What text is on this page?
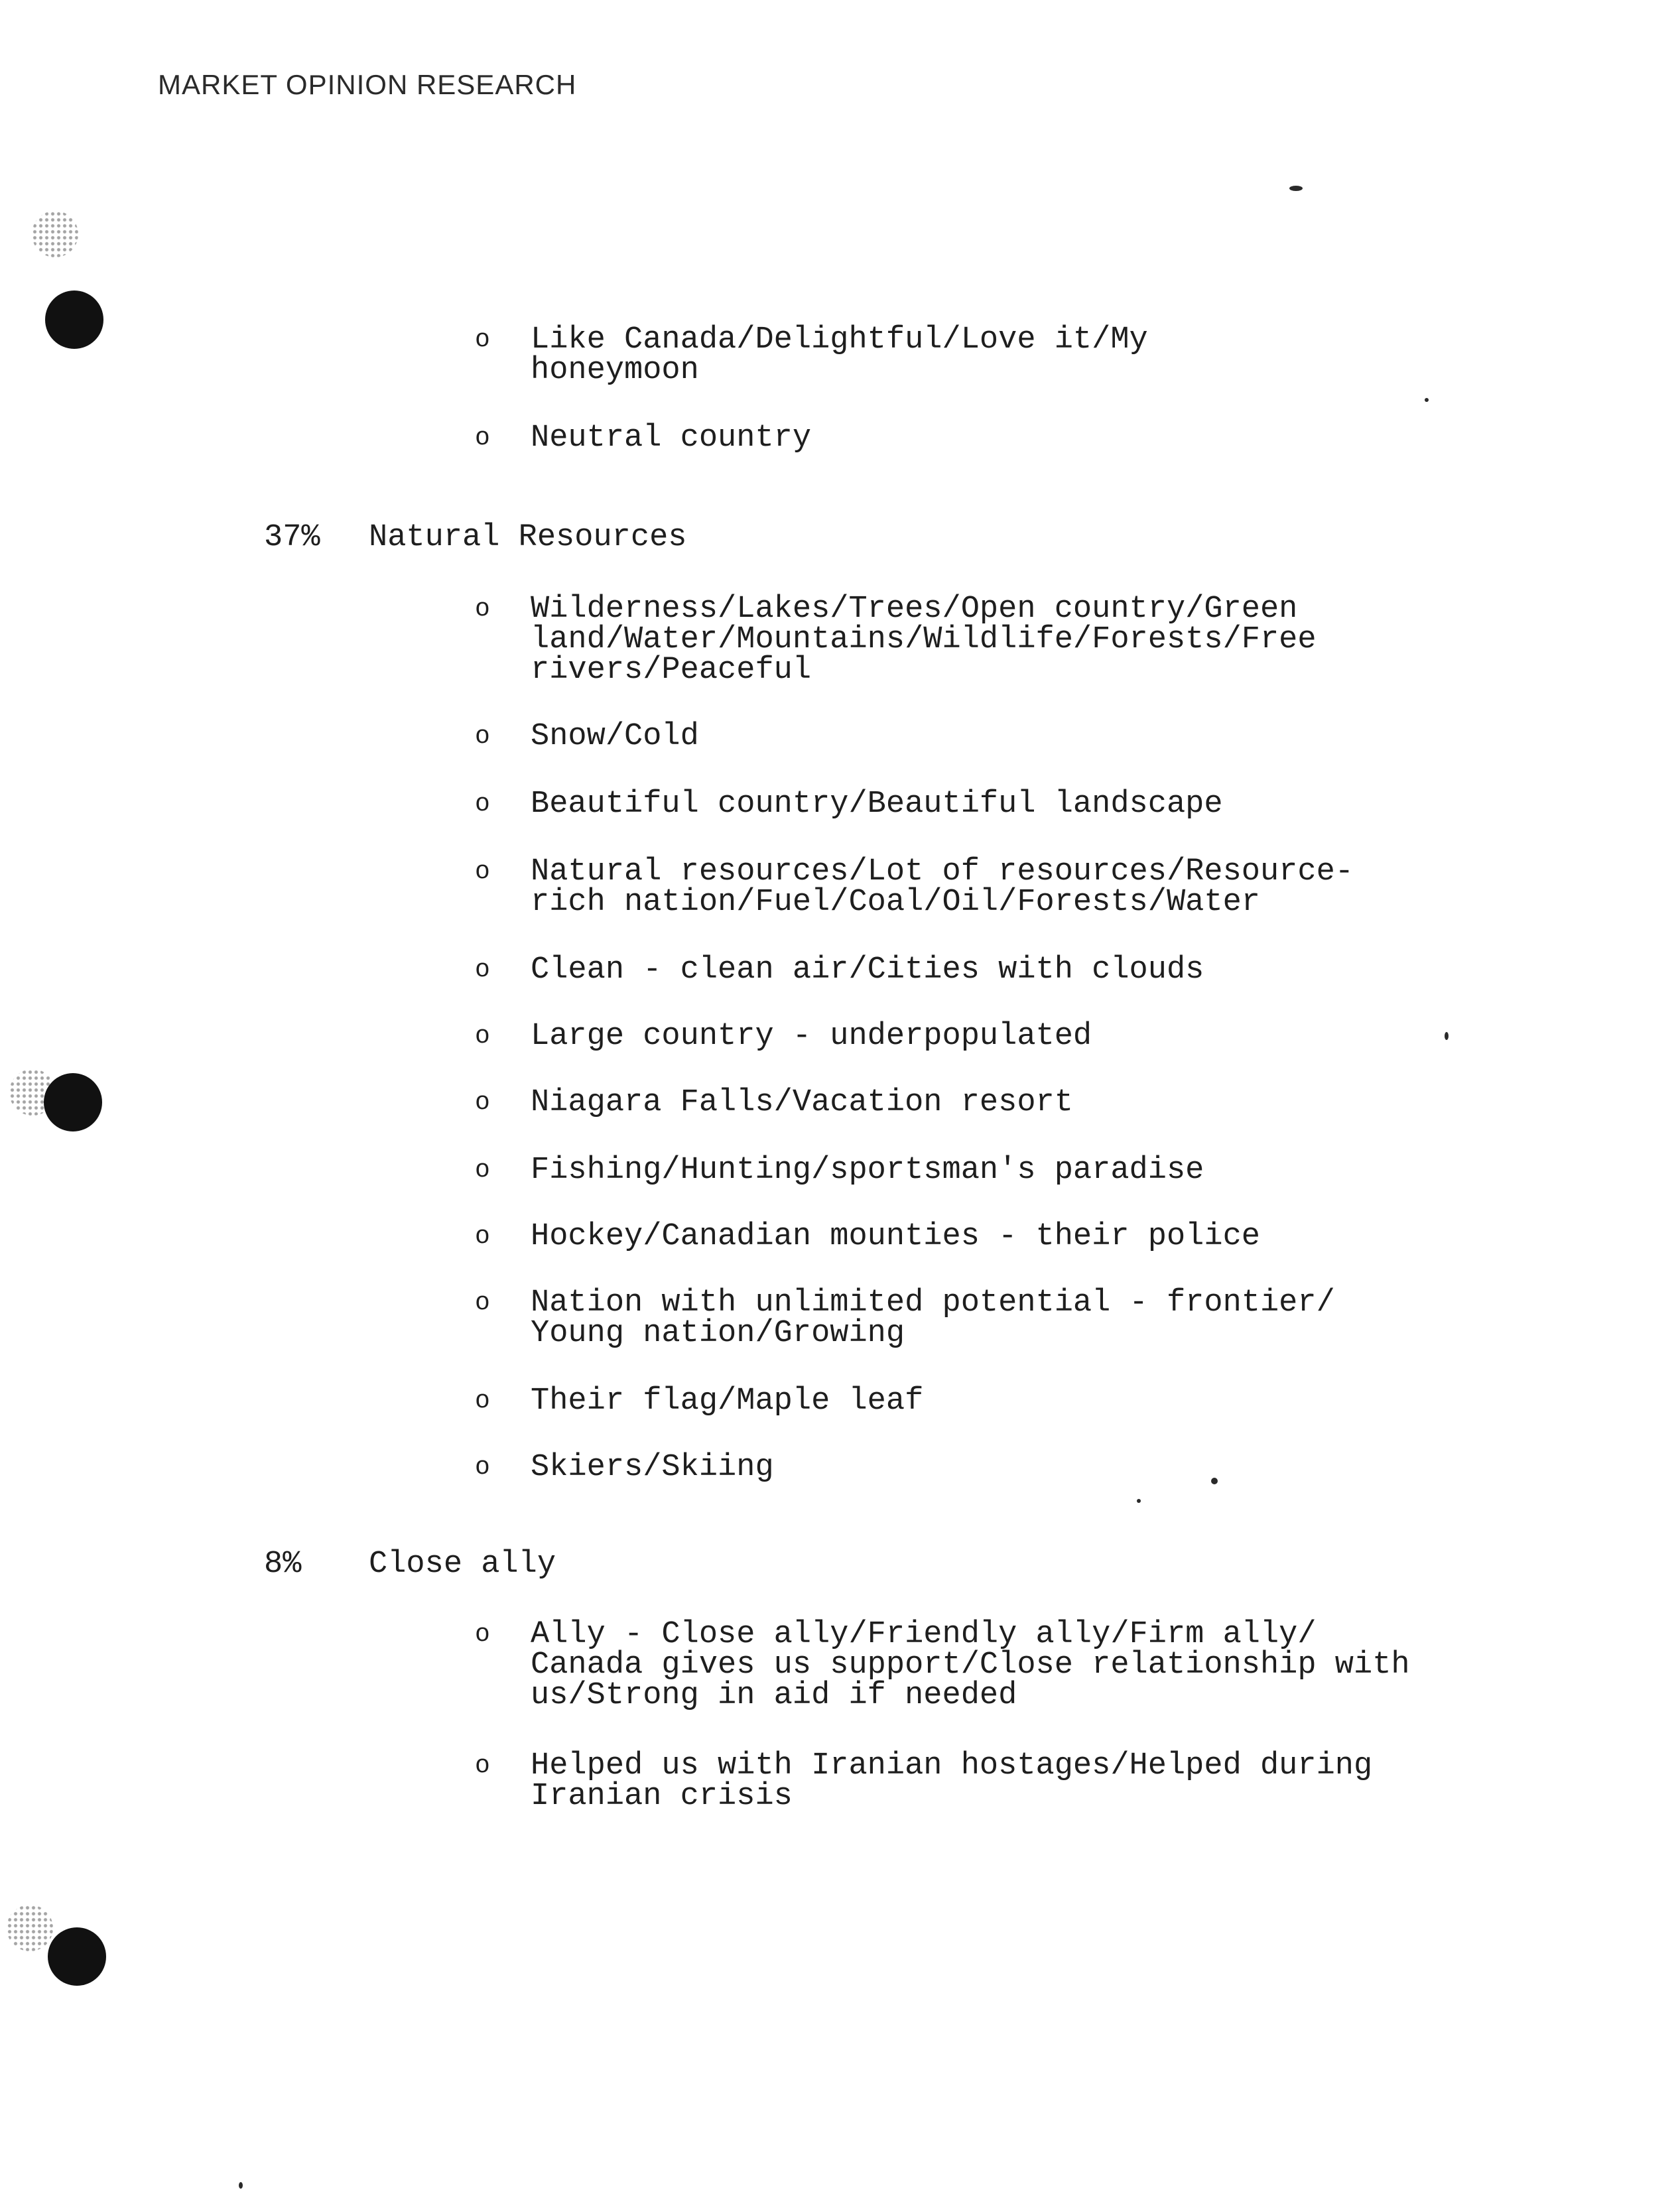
MARKET OPINION RESEARCH
o	Like Canada/Delightful/Love it/My
honeymoon
o	Neutral country
37% Natural Resources
o	Wilderness/Lakes/Trees/Open country/Green
land/Water/Mountains/Wildlife/Forests/Free
rivers/Peaceful
o	Snow/Cold
o	Beautiful country/Beautiful landscape
o	Natural resources/Lot of resources/Resource-
rich nation/Fuel/Coal/Oil/Forests/Water
o	Clean - clean air/Cities with clouds
o	Large country - underpopulated
o	Niagara Falls/Vacation resort
o	Fishing/Hunting/sportsman's paradise
o	Hockey/Canadian mounties - their police
o	Nation with unlimited potential - frontier/
Young nation/Growing
o	Their flag/Maple leaf
o	Skiers/Skiing
8% Close ally
o	Ally - Close ally/Friendly ally/Firm ally/
Canada gives us support/Close relationship with
us/Strong in aid if needed
o	Helped us with Iranian hostages/Helped during
Iranian crisis
